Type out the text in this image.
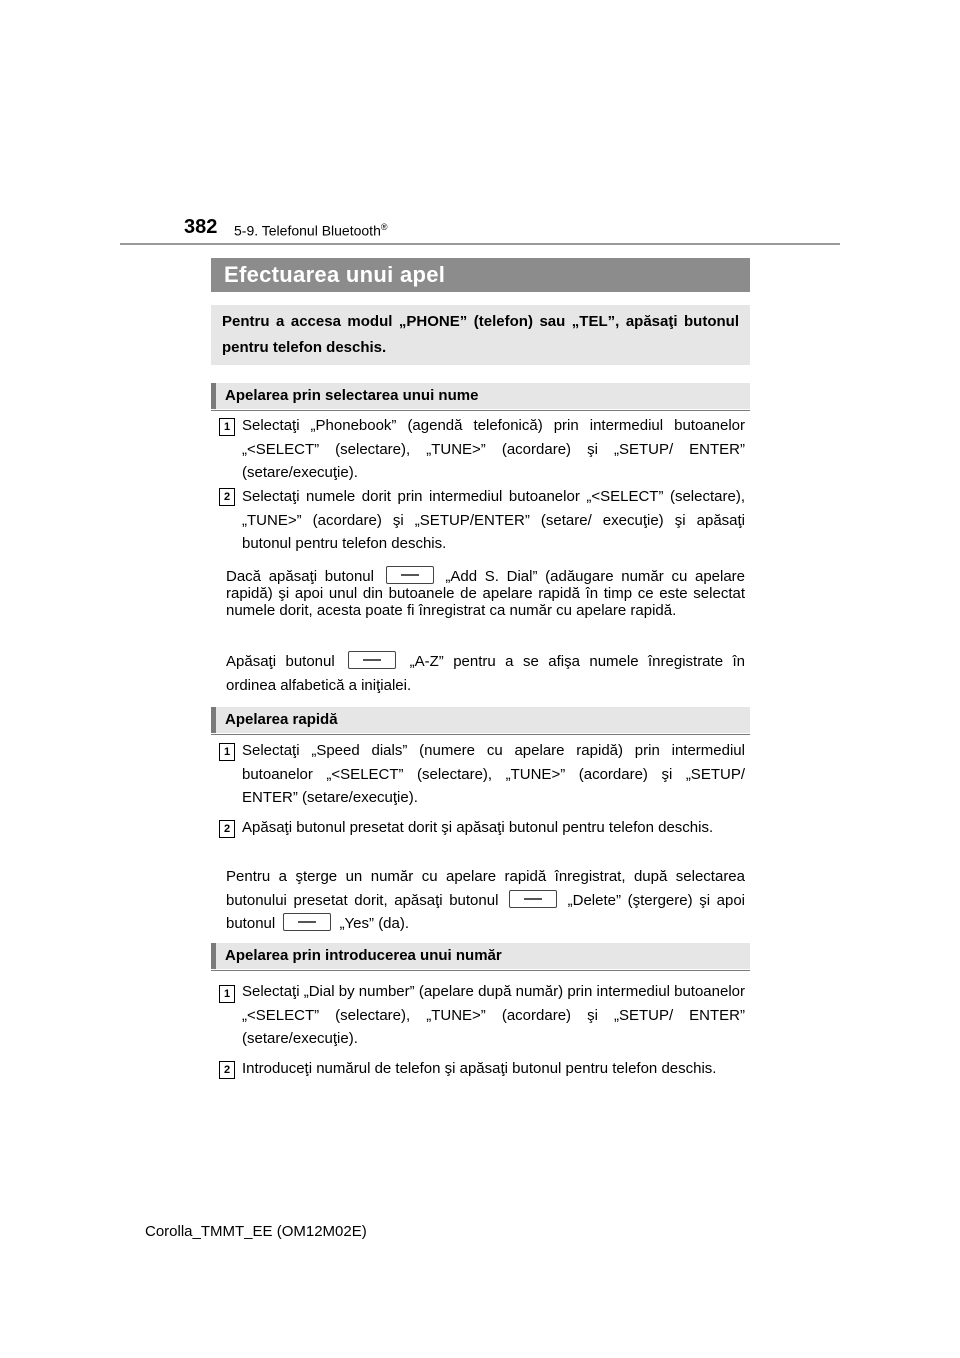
382 5-9. Telefonul Bluetooth®
Efectuarea unui apel
Pentru a accesa modul „PHONE” (telefon) sau „TEL”, apăsaţi butonul pentru telefon deschis.
Apelarea prin selectarea unui nume
1 Selectaţi „Phonebook” (agendă telefonică) prin intermediul butoanelor „<SELECT” (selectare), „TUNE>” (acordare) şi „SETUP/ ENTER” (setare/execuţie).
2 Selectaţi numele dorit prin intermediul butoanelor „<SELECT” (selectare), „TUNE>” (acordare) şi „SETUP/ENTER” (setare/ execuţie) şi apăsaţi butonul pentru telefon deschis.
Dacă apăsaţi butonul	„Add S. Dial” (adăugare număr cu apelare rapidă) şi apoi unul din butoanele de apelare rapidă în timp ce este selectat numele dorit, acesta poate fi înregistrat ca număr cu apelare rapidă.
Apăsaţi butonul	„A-Z” pentru a se afişa numele înregistrate în ordinea alfabetică a iniţialei.
Apelarea rapidă
1 Selectaţi „Speed dials” (numere cu apelare rapidă) prin intermediul butoanelor „<SELECT” (selectare), „TUNE>” (acordare) şi „SETUP/ ENTER” (setare/execuţie).
2 Apăsaţi butonul presetat dorit şi apăsaţi butonul pentru telefon deschis.
Pentru a şterge un număr cu apelare rapidă înregistrat, după selectarea butonului presetat dorit, apăsaţi butonul	„Delete” (ştergere) şi apoi butonul	„Yes” (da).
Apelarea prin introducerea unui număr
1 Selectaţi „Dial by number” (apelare după număr) prin intermediul butoanelor „<SELECT” (selectare), „TUNE>” (acordare) şi „SETUP/ ENTER” (setare/execuţie).
2 Introduceţi numărul de telefon şi apăsaţi butonul pentru telefon deschis.
Corolla_TMMT_EE (OM12M02E)
